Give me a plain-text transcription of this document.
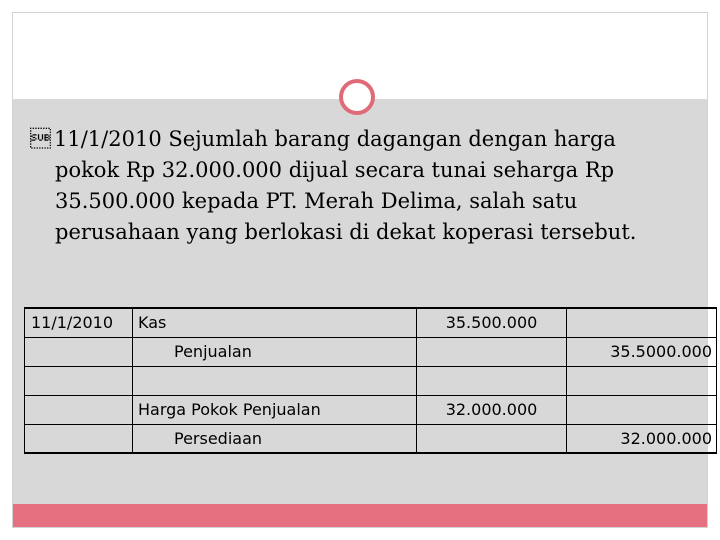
 11/1/2010 Sejumlah barang dagangan dengan harga
pokok Rp 32.000.000 dijual secara tunai seharga Rp
35.500.000 kepada PT. Merah Delima, salah satu
perusahaan yang berlokasi di dekat koperasi tersebut.
11/1/2010	Kas	35.500.000	
	Penjualan		35.5000.000

	Harga Pokok Penjualan	32.000.000	
	Persediaan		32.000.000
